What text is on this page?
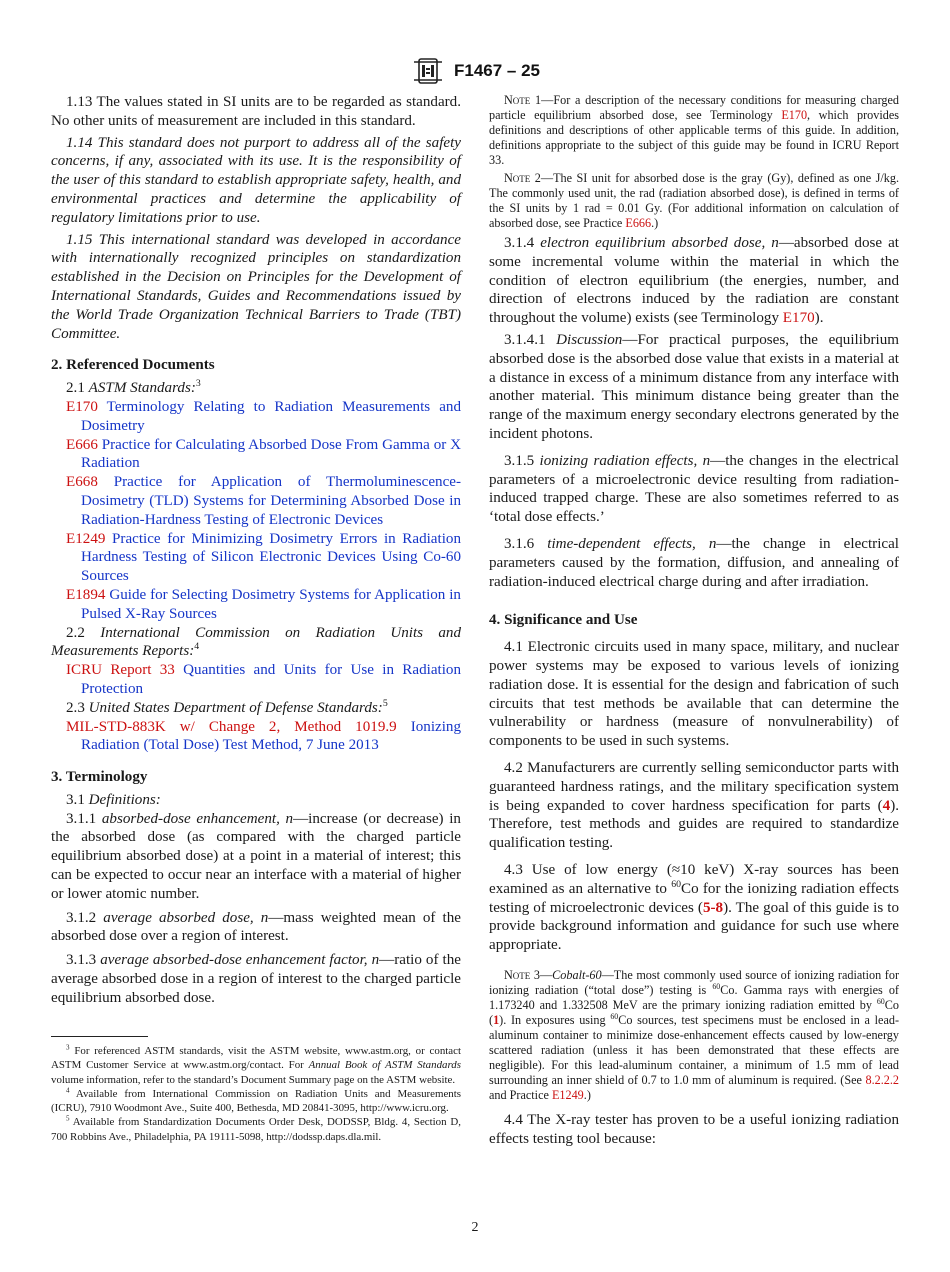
F1467 – 25

1.13 The values stated in SI units are to be regarded as standard. No other units of measurement are included in this standard.

1.14 This standard does not purport to address all of the safety concerns, if any, associated with its use. It is the responsibility of the user of this standard to establish appropriate safety, health, and environmental practices and determine the applicability of regulatory limitations prior to use.

1.15 This international standard was developed in accordance with internationally recognized principles on standardization established in the Decision on Principles for the Development of International Standards, Guides and Recommendations issued by the World Trade Organization Technical Barriers to Trade (TBT) Committee.

2. Referenced Documents

2.1 ASTM Standards:$^3$

E170 Terminology Relating to Radiation Measurements and Dosimetry

E666 Practice for Calculating Absorbed Dose From Gamma or X Radiation

E668 Practice for Application of Thermoluminescence-Dosimetry (TLD) Systems for Determining Absorbed Dose in Radiation-Hardness Testing of Electronic Devices

E1249 Practice for Minimizing Dosimetry Errors in Radiation Hardness Testing of Silicon Electronic Devices Using Co-60 Sources

E1894 Guide for Selecting Dosimetry Systems for Application in Pulsed X-Ray Sources

2.2 International Commission on Radiation Units and Measurements Reports:$^4$

ICRU Report 33 Quantities and Units for Use in Radiation Protection

2.3 United States Department of Defense Standards:$^5$

MIL-STD-883K w/ Change 2, Method 1019.9 Ionizing Radiation (Total Dose) Test Method, 7 June 2013

3. Terminology

3.1 Definitions:

3.1.1 absorbed-dose enhancement, n—increase (or decrease) in the absorbed dose (as compared with the charged particle equilibrium absorbed dose) at a point in a material of interest; this can be expected to occur near an interface with a material of higher or lower atomic number.

3.1.2 average absorbed dose, n—mass weighted mean of the absorbed dose over a region of interest.

3.1.3 average absorbed-dose enhancement factor, n—ratio of the average absorbed dose in a region of interest to the charged particle equilibrium absorbed dose.

$^3$ For referenced ASTM standards, visit the ASTM website, www.astm.org, or contact ASTM Customer Service at www.astm.org/contact. For Annual Book of ASTM Standards volume information, refer to the standard’s Document Summary page on the ASTM website.

$^4$ Available from International Commission on Radiation Units and Measurements (ICRU), 7910 Woodmont Ave., Suite 400, Bethesda, MD 20841-3095, http://www.icru.org.

$^5$ Available from Standardization Documents Order Desk, DODSSP, Bldg. 4, Section D, 700 Robbins Ave., Philadelphia, PA 19111-5098, http://dodssp.daps.dla.mil.

Note 1—For a description of the necessary conditions for measuring charged particle equilibrium absorbed dose, see Terminology E170, which provides definitions and descriptions of other applicable terms of this guide. In addition, definitions appropriate to the subject of this guide may be found in ICRU Report 33.

Note 2—The SI unit for absorbed dose is the gray (Gy), defined as one J/kg. The commonly used unit, the rad (radiation absorbed dose), is defined in terms of the SI units by 1 rad = 0.01 Gy. (For additional information on calculation of absorbed dose, see Practice E666.)

3.1.4 electron equilibrium absorbed dose, n—absorbed dose at some incremental volume within the material in which the condition of electron equilibrium (the energies, number, and direction of electrons induced by the radiation are constant throughout the volume) exists (see Terminology E170).

3.1.4.1 Discussion—For practical purposes, the equilibrium absorbed dose is the absorbed dose value that exists in a material at a distance in excess of a minimum distance from any interface with another material. This minimum distance being greater than the range of the maximum energy secondary electrons generated by the incident photons.

3.1.5 ionizing radiation effects, n—the changes in the electrical parameters of a microelectronic device resulting from radiation-induced trapped charge. These are also sometimes referred to as ‘total dose effects.’

3.1.6 time-dependent effects, n—the change in electrical parameters caused by the formation, diffusion, and annealing of radiation-induced electrical charge during and after irradiation.

4. Significance and Use

4.1 Electronic circuits used in many space, military, and nuclear power systems may be exposed to various levels of ionizing radiation dose. It is essential for the design and fabrication of such circuits that test methods be available that can determine the vulnerability or hardness (measure of nonvulnerability) of components to be used in such systems.

4.2 Manufacturers are currently selling semiconductor parts with guaranteed hardness ratings, and the military specification system is being expanded to cover hardness specification for parts (4). Therefore, test methods and guides are required to standardize qualification testing.

4.3 Use of low energy (≈10 keV) X-ray sources has been examined as an alternative to $^{60}$Co for the ionizing radiation effects testing of microelectronic devices (5-8). The goal of this guide is to provide background information and guidance for such use where appropriate.

Note 3—Cobalt-60—The most commonly used source of ionizing radiation for ionizing radiation (“total dose”) testing is $^{60}$Co. Gamma rays with energies of 1.173240 and 1.332508 MeV are the primary ionizing radiation emitted by $^{60}$Co (1). In exposures using $^{60}$Co sources, test specimens must be enclosed in a lead-aluminum container to minimize dose-enhancement effects caused by low-energy scattered radiation (unless it has been demonstrated that these effects are negligible). For this lead-aluminum container, a minimum of 1.5 mm of lead surrounding an inner shield of 0.7 to 1.0 mm of aluminum is required. (See 8.2.2.2 and Practice E1249.)

4.4 The X-ray tester has proven to be a useful ionizing radiation effects testing tool because:

2
